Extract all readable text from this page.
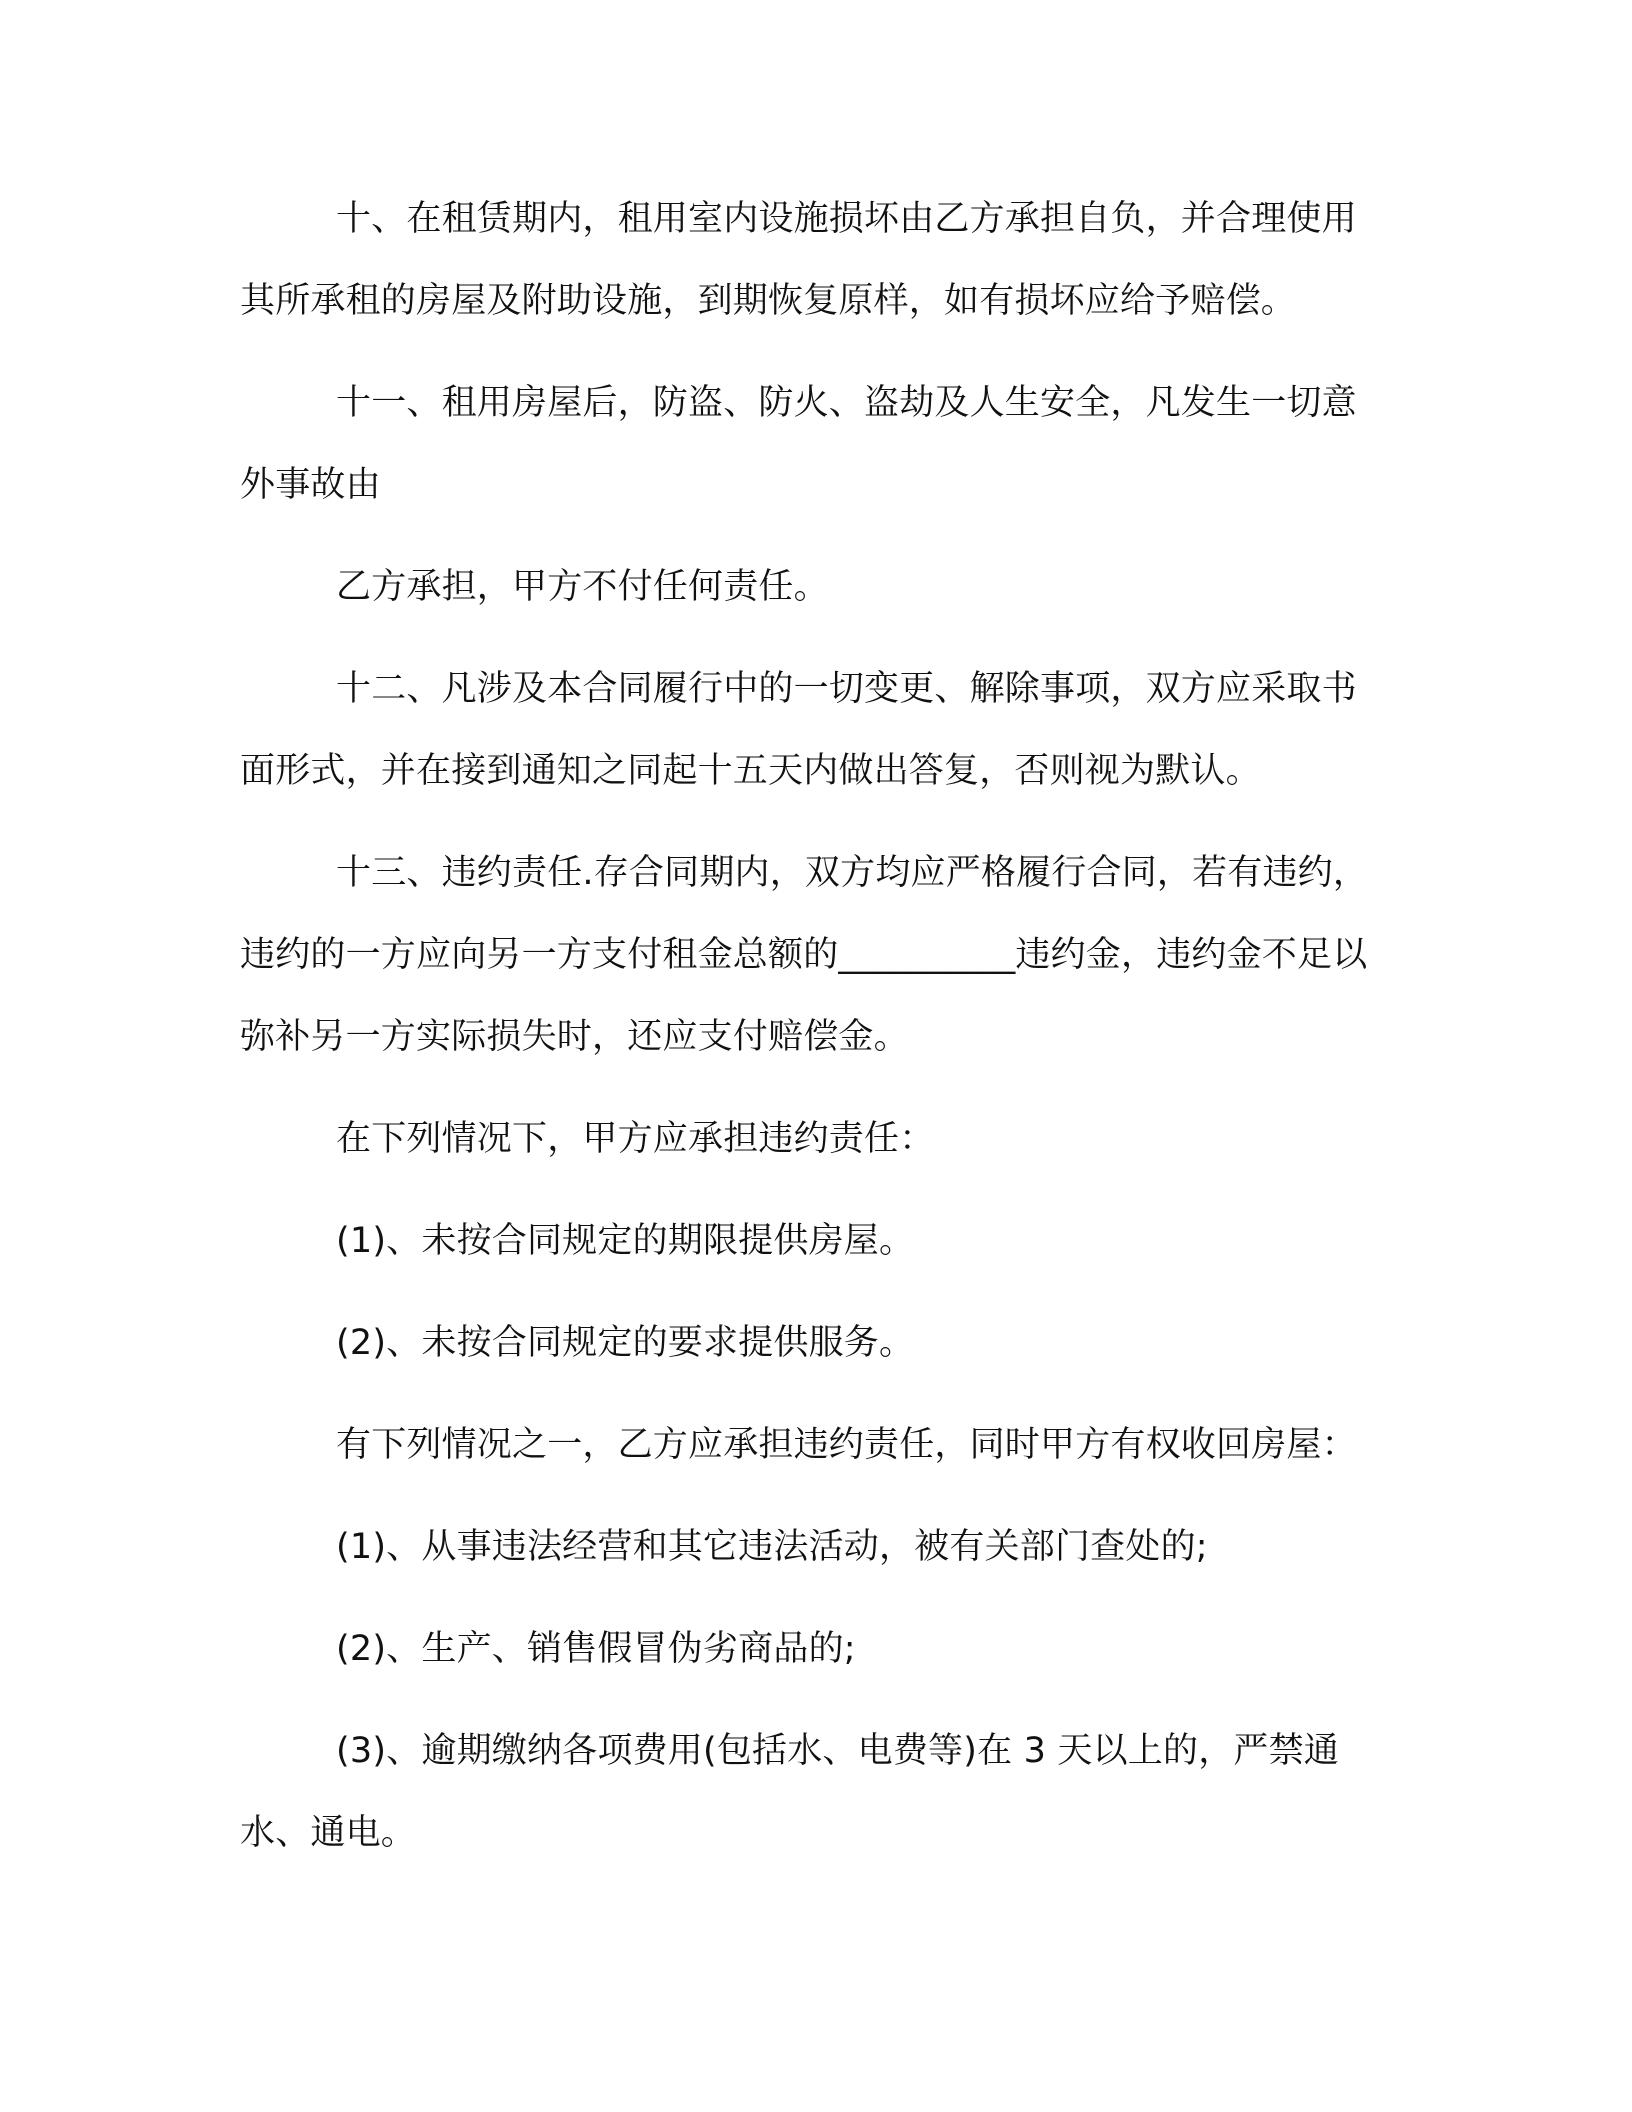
十、在租赁期内，租用室内设施损坏由乙方承担自负，并合理使用其所承租的房屋及附助设施，到期恢复原样，如有损坏应给予赔偿。

十一、租用房屋后，防盗、防火、盗劫及人生安全，凡发生一切意外事故由

乙方承担，甲方不付任何责任。

十二、凡涉及本合同履行中的一切变更、解除事项，双方应采取书面形式，并在接到通知之同起十五天内做出答复，否则视为默认。

十三、违约责任.存合同期内，双方均应严格履行合同，若有违约，违约的一方应向另一方支付租金总额的__________违约金，违约金不足以弥补另一方实际损失时，还应支付赔偿金。

在下列情况下，甲方应承担违约责任：

(1)、未按合同规定的期限提供房屋。

(2)、未按合同规定的要求提供服务。

有下列情况之一，乙方应承担违约责任，同时甲方有权收回房屋：

(1)、从事违法经营和其它违法活动，被有关部门查处的;

(2)、生产、销售假冒伪劣商品的;

(3)、逾期缴纳各项费用(包括水、电费等)在 3 天以上的，严禁通水、通电。
